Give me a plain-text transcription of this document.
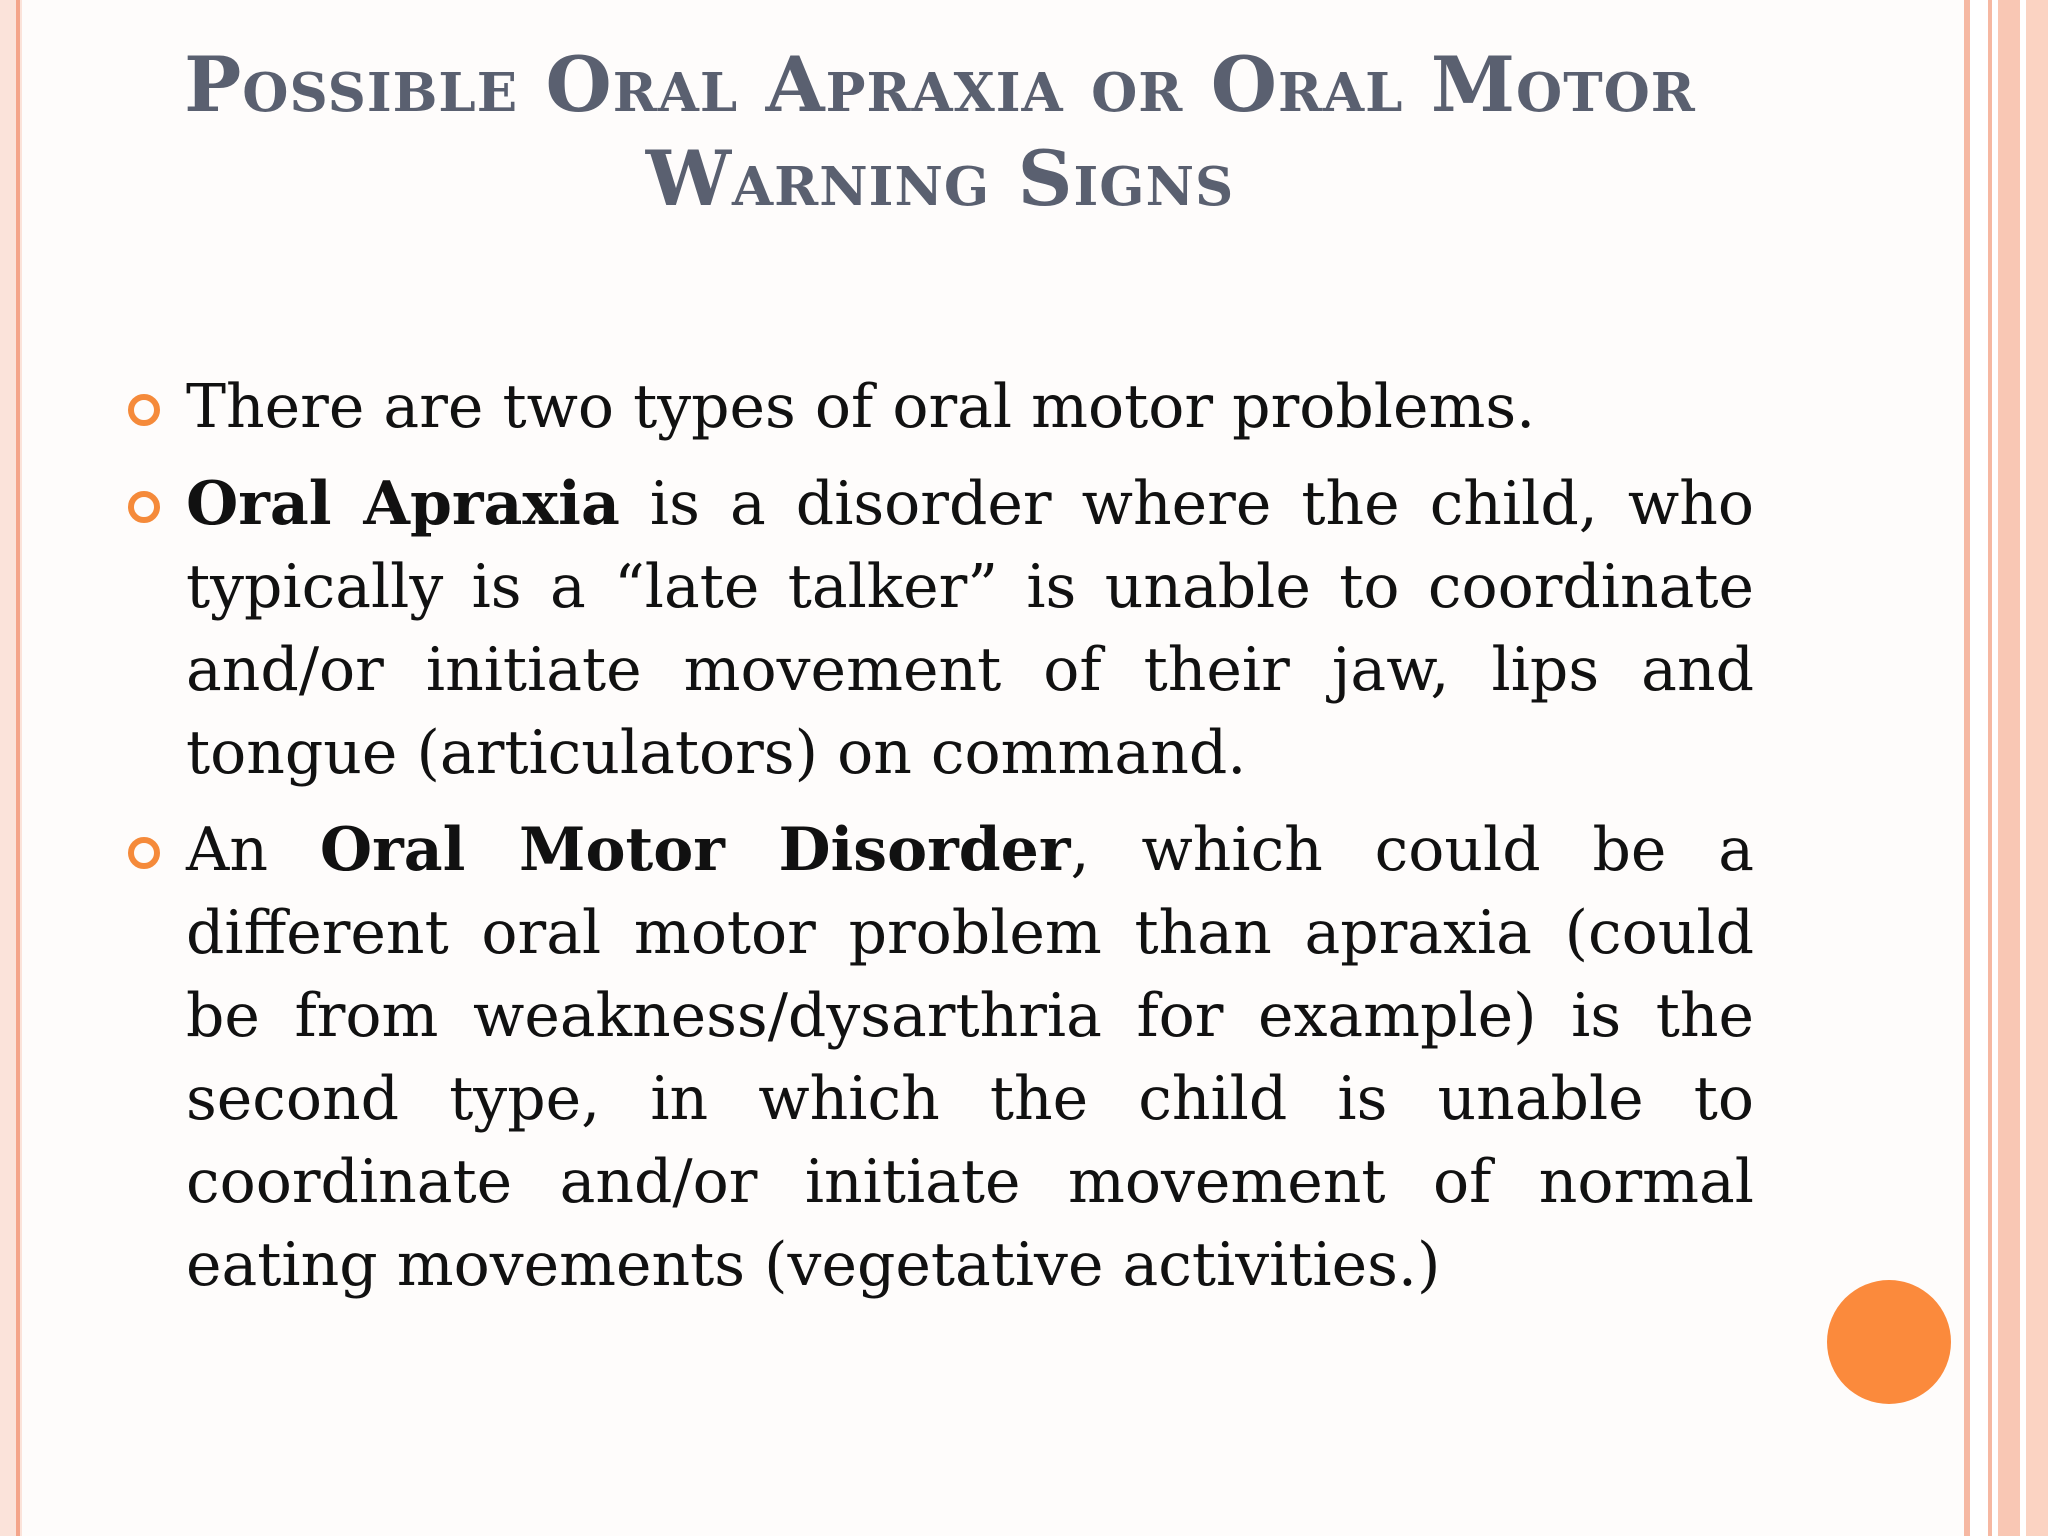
Possible Oral Apraxia or Oral Motor
Warning Signs
There are two types of oral motor problems.
Oral Apraxia is a disorder where the child, who typically is a “late talker” is unable to coordinate and/or initiate movement of their jaw, lips and tongue (articulators) on command.
An Oral Motor Disorder, which could be a different oral motor problem than apraxia (could be from weakness/dysarthria for example) is the second type, in which the child is unable to coordinate and/or initiate movement of normal eating movements (vegetative activities.)
